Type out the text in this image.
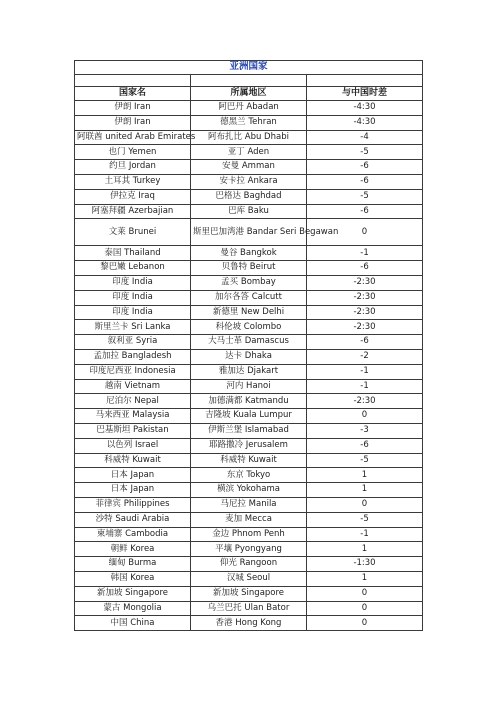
亚洲国家		

国家名	所属地区	与中国时差
伊朗 Iran	阿巴丹 Abadan	-4:30
伊朗 Iran	德黑兰 Tehran	-4:30
阿联酋 united Arab Emirates	阿布扎比 Abu Dhabi	-4
也门 Yemen	亚丁 Aden	-5
约旦 Jordan	安曼 Amman	-6
土耳其 Turkey	安卡拉 Ankara	-6
伊拉克 Iraq	巴格达 Baghdad	-5
阿塞拜疆 Azerbajian	巴库 Baku	-6
文莱 Brunei	斯里巴加湾港 Bandar Seri Begawan	0
泰国 Thailand	曼谷 Bangkok	-1
黎巴嫩 Lebanon	贝鲁特 Beirut	-6
印度 India	孟买 Bombay	-2:30
印度 India	加尔各答 Calcutt	-2:30
印度 India	新德里 New Delhi	-2:30
斯里兰卡 Sri Lanka	科伦坡 Colombo	-2:30
叙利亚 Syria	大马士革 Damascus	-6
孟加拉 Bangladesh	达卡 Dhaka	-2
印度尼西亚 Indonesia	雅加达 Djakart	-1
越南 Vietnam	河内 Hanoi	-1
尼泊尔 Nepal	加德满都 Katmandu	-2:30
马来西亚 Malaysia	吉隆坡 Kuala Lumpur	0
巴基斯坦 Pakistan	伊斯兰堡 Islamabad	-3
以色列 Israel	耶路撒冷 Jerusalem	-6
科威特 Kuwait	科威特 Kuwait	-5
日本 Japan	东京 Tokyo	1
日本 Japan	横滨 Yokohama	1
菲律宾 Philippines	马尼拉 Manila	0
沙特 Saudi Arabia	麦加 Mecca	-5
柬埔寨 Cambodia	金边 Phnom Penh	-1
朝鲜 Korea	平壤 Pyongyang	1
缅甸 Burma	仰光 Rangoon	-1:30
韩国 Korea	汉城 Seoul	1
新加坡 Singapore	新加坡 Singapore	0
蒙古 Mongolia	乌兰巴托 Ulan Bator	0
中国 China	香港 Hong Kong	0
